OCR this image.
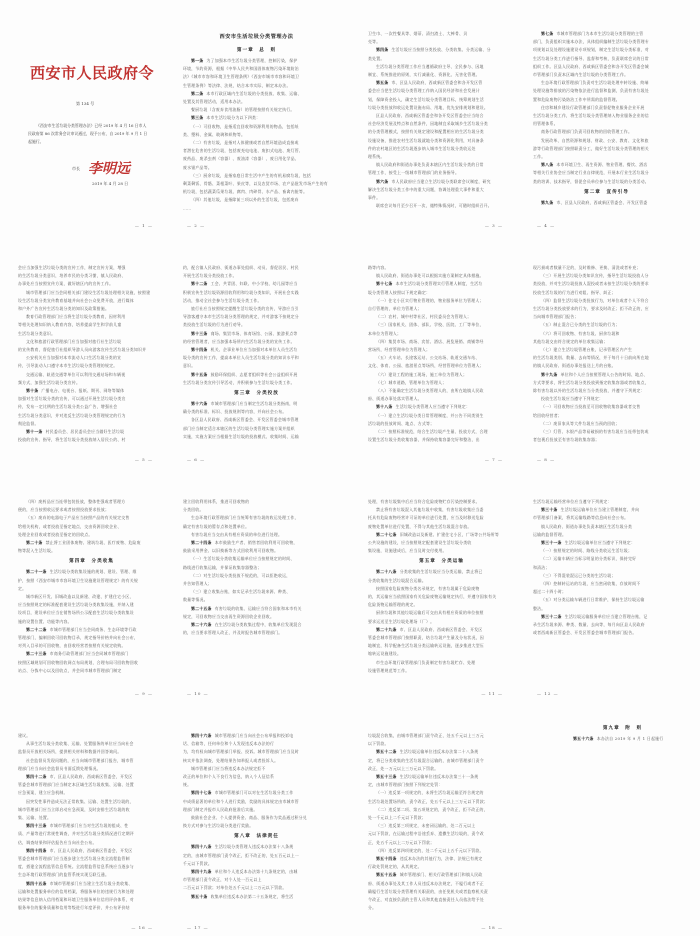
西安市人民政府令
第 134 号
《西安市生活垃圾分类管理办法》已经 2019 年 4 月 16 日市人民政府第 86 次常务会议审议通过，现予公布，自 2019 年 9 月 1 日起施行。
市长 李明远
2019 年 4 月 28 日
— 1 —
西安市生活垃圾分类管理办法
第一章　总　则
第一条 为了加强本市生活垃圾分类管理，控制污染，保护
环境，节约资源，根据《中华人民共和国固体废物污染环境防治
法》《城市市容和环境卫生管理条例》《西安市城市市容和环境卫
生管理条例》等法律、法规，结合本市实际，制定本办法。
第二条 本市行政区域内生活垃圾的分类投放、收集、运输、
处置及其管理活动，适用本办法。
餐厨垃圾（含废弃食用油脂）的管理按照有关规定执行。
第三条 本市生活垃圾分为以下四类：
（一）可回收物，是指适宜回收和资源利用的物品，包括纸
类、塑料、金属、玻璃和织物等。
（二）有害垃圾，是指对人体健康或者自然环境造成直接或
者潜在危害的生活垃圾，包括废充电电池、废扣式电池、废灯管、
废药品、废杀虫剂（容器）、废油漆（容器）、废日用化学品、
废水银产品等。
（三）厨余垃圾，是指家庭日常生活中产生的有机易腐垃圾，包括
剩菜剩饭、骨骼、菜根菜叶、果皮等，以及农贸市场、农产品批发市场产生的有
机垃圾，包括蔬菜瓜果垃圾、腐肉、肉碎骨、水产品、畜禽内脏等。
（四）其他垃圾，是指除前三项以外的生活垃圾，包括废弃
……
— 2 —
卫生巾、一次性餐具等、烟蒂、清扫渣土、大棒骨、贝
壳等。
第四条 生活垃圾应当按照分类投放、分类收集、分类运输、分
类处置。
生活垃圾分类管理工作应当遵循政府主导、全民参与、因地
制宜、系统推进的原则，实行减量化、资源化、无害化管理。
第五条 市、区县人民政府，西咸新区管委会和各开发区管
委会应当把生活垃圾分类管理工作纳入国民经济和社会发展计
划，保障资金投入，确定生活垃圾分类管理目标，统筹规划生活
垃圾分类投放和收运处置设施布局、用地，优先安排规划和建设。
区县人民政府、西咸新区管委会和各开发区管委会应当结合
社会经济发展及特点和自然条件，因地制宜采取城乡生活垃圾分类
的分类管理模式，按照有关规定建设和配置相应的生活垃圾分类
设施设备，推进农村生活垃圾就地分类和资源化利用，对具备条
件的农村地区的生活垃圾逐步纳入城市生活垃圾分类收运处
理系统。
镇人民政府和街道办事处负责本辖区内生活垃圾分类的日常
管理工作，接受上一级城市管理部门的业务指导。
第六条 市人民政府应当建立生活垃圾分类联席会议制度，研究
解决生活垃圾分类工作中的重大问题，协调处理重大事件和重大
事件。
联席会议每月至少召开一次，遇特殊情况时，可随时组织召开。
— 3 —
第七条 市城市管理部门为本市生活垃圾分类管理的主管
部门，负责组织实施本办法，具体组织编制生活垃圾分类管理专
项规划以及处理设施建设专项规划，制定生活垃圾分类标准，对
生活垃圾分类工作进行指导、监督和考核，负责联席会议的日常
组织工作。区县人民政府、西咸新区管委会和各开发区管委会城
市管理部门负责本区域内生活垃圾的分类管理工作。
生态环境行政管理部门负责对生活垃圾处理中转设施、终端
处理设施等排放的污染物依法进行监督和监测，负责有害垃圾处
置和危险废物污染防治工作中所需的监督管理。
住房和城乡建设行政管理部门负责督促物业服务企业开展
生活垃圾分类工作，将生活垃圾分类管理纳入物业服务企业的信
用管理体系。
商务行政管理部门负责可回收物的回收管理工作。
发展改革、自然资源和规划、财政、公安、教育、文化和旅
游等行政管理部门按照职责分工，做好生活垃圾分类管理的相关
工作。
第八条 本市环境卫生、再生资源、物业管理、餐饮、酒店
等相关行业协会应当制定行业自律规范，开展本行业生活垃圾分
类的培训、技术指导，督促会员单位参与生活垃圾的分类活动。
第二章　宣传引导
第九条 市、区县人民政府，西咸新区管委会、开发区管委
— 4 —
会应当加强生活垃圾分类的宣传工作，制定宣传方案，增强
的生活垃圾分类意识，培养市民的分类习惯，镇人民政府、
办事处应当按照宣传方案，做好辖区内的宣传工作。
城市管理部门应当会同相关部门建设生活垃圾处理相关设施，按照建
设生活垃圾分类宣传教育基地并向社会公众免费开放，进行媒体
和户外广告宣传生活垃圾分类的知识及政策措施。
教育行政管理部门应当将生活垃圾分类教育，因材利用
等相关处理知识纳入教育内容，培养提高学生和学前儿童
生活垃圾分类意识。
文化和旅游行政管理部门应当加强对旅行社生活垃圾
的宣传教育，督促旅行社组织导游人员向游客宣传生活垃圾分类知识并
公安机关应当加强对本市流动人口生活垃圾分类的宣
传，引导流动人口遵守本市生活垃圾分类管理的规定。
交通运输、轨道交通等单位可以利用交通站场和车辆视
频方式，加强生活垃圾分类宣传。
第十条 广播电台、电视台、报纸、期刊、网络等媒体
加强对生活垃圾分类的宣传，可以通过开展生活垃圾分类宣
传，发布一定比例的生活垃圾分类公益广告，增强社会
生活垃圾分类意识，并对违反生活垃圾分类管理规定的行为
舆论监督。
第十一条 村民委员会、居民委员会应当做好生活垃圾
投放的宣传、指导，将生活垃圾分类投放纳入居民公约、村
— 5 —
约，配合镇人民政府、街道办事处组织、动员、督促居民、村民
开展生活垃圾分类投放工作。
第十二条 工会、共青团、妇联、中小学校、幼儿园等应当
积极宣传生活垃圾资源回收利用和垃圾分类知识，开展社会实践
活动，推动全社会参与生活垃圾分类工作。
旅行社应当按照规定提醒生活垃圾分类的宣传，导游应当引
导游客遵守本市生活垃圾分类管理的规定，并对游客不按规定分
类投放生活垃圾的行为进行劝导。
第十三条 商场、集贸市场、体育场馆、公园、旅游景点等
的经营管理者，应当加强本场所内生活垃圾分类的宣传工作。
第十四条 机关、企事业单位应当加强对本单位人员生活垃
圾分类的宣传工作，提高本单位人员生活垃圾分类的知识水平和
意识。
第十五条 鼓励环保组织、志愿者组织等社会公益组织开展
生活垃圾分类宣传引导活动，并积极参与生活垃圾分类工作。
第三章　分类投放
第十六条 市城市管理部门应当制定生活垃圾分类指南，明
确分类的标准、标识、投放规则等内容，并向社会公布。
各区县人民政府、西咸新区管委会、开发区管委会城市管理
部门应当制定适合本辖区的生活垃圾分类管理实施方案并组织
实施，实施方案应当根据生活垃圾的投放模式、收集时间、运输
— 6 —
路等内容。
镇人民政府、街道办事处可以根据实施方案制定具体措施。
第十七条 本市生活垃圾分类管理实行管理人制度，生活垃
圾分类管理人按照以下规定确定：
（一）住宅小区实行物业管理的，物业服务单位为管理人；
自行管理的，单位为管理人；
（二）农村、城中村等社区，村民委员会为管理人；
（三）国家机关、团体、部队、学校、医院、工厂等单位，
本单位为管理人；
（四）集贸市场、商场、宾馆、酒店、展览展销、商铺等经
营场所，经营管理单位为管理人；
（五）火车站、长途客运站、公交站场、轨道交通车站、
文化、体育、公园、旅游景点等场所，经营管理单位为管理人；
（六）建设工程的施工现场，施工单位为管理人；
（七）城市道路，管理单位为管理人；
（八）不能确定生活垃圾分类管理人的，由所在地镇人民政
府、街道办事处落实管理人。
第十八条 生活垃圾分类管理人应当遵守下列规定：
（一）建立生活垃圾分类日常管理制度，并公告不同类别生
活垃圾的投放时间、地点、方式等；
（二）按照标准规范，结合生活垃圾产生量、投放方式，合理
设置生活垃圾分类收集容器，并保持收集容器完好和整洁，出
— 7 —
现污损或者数量不足的，及时维修、更换、清洗或者补充；
（三）开展生活垃圾分类知识宣传，指导生活垃圾投放人分
类投放，并对生活垃圾投放人混投或者未按生活垃圾分类的要求
投放生活垃圾的行为进行劝阻、指导、纠正；
（四）监督生活垃圾分类投放行为，对单位或者个人不符合
生活垃圾分类投放要求的行为，要求及时改正；拒不改正的，应
当向城市管理部门报告；
（五）制止混合已分类的生活垃圾的行为；
（六）将可回收物、有害垃圾、厨余垃圾和
其他垃圾交由符合规定的单位收集运输；
（七）建立生活垃圾管理台账，记录管理区内产生
的生活垃圾类别、数量、去向等情况，并于每月十日前向所在地
的镇人民政府、街道办事处报送上月的台账。
第十九条 单位和个人应当按照管理人公告的时间、地点、
方式等要求，将生活垃圾分类投放到指定收集容器或者收集点，
除有害垃圾以外的生活垃圾应当分类投放，并遵守下列规定：
投放生活垃圾应当遵守下列规定：
（一）可回收物应当投放至可回收物收集容器或者交售
给回收经营者；
（二）废旧家具等大件垃圾应当预约回收；
（三）灯管、水银产品等易破损的有害垃圾应当连带包装或
者包裹后投放至有害垃圾收集容器；
— 8 —
（四）废药品应当连带包装投放，整体性强或者管理方
便的，应当按照收运要求或者按照投放要求投放；
（五）废弃的电器电子产品应当按照产品的有关规定交售
给相关机构，或者投放至指定地点，交由资源回收企业、
处理企业回收或者投放至指定的回收点。
第二十条 禁止将工业固体废物、建筑垃圾、医疗废物、危险废
物等混入生活垃圾。
第四章　分类收集
第二十一条 生活垃圾分类收集设施的规划、建设、管理、维
护，按照《西安市城市市容环境卫生设施建设管理规定》的有关规
定。
城市新区开发、旧城改造以及新建、改建、扩建住宅小区，
应当按照规定的标准配套建设生活垃圾分类收集设施，并纳入建
设项目，建设单位应当在销售场所公示配套生活垃圾分类收集设
施的设置位置、功能等内容。
第二十二条 市城市管理部门应当会同商务、生态环境等行政
管理部门，编制回收可回收物目录，规定指导价格并向社会公布，
对列入目录的可回收物，由回收经营者按照有关规定收购。
第二十三条 市商务行政管理部门应当会同城市管理部门
按照区域规划可回收物回收网点布局规划，合理布局可回收物回收
站点、分拣中心以及回收点，并会同市城市管理部门制定
— 9 —
建立回收利用体系，推进可回收物的
分类回收。
生态环境行政管理部门应当统筹有害垃圾的收运处理工作，
确定有害垃圾的暂存点和处置单位。
有害垃圾应当交由具有相应资质的单位进行处理。
第二十四条 本市鼓励生产者、销售者回收利用可回收物，
鼓励采用押金、以旧换新等方式回收利用可回收物。
（一）生活垃圾分类收集运输单位应当按照规定的时间、
路线进行收集运输，并保证收集容器整洁；
（二）对生活垃圾分类投放不规范的，可以拒绝收运，
并告知管理人；
（三）建立收集台账，如实记录生活垃圾来源、种类、
数量等情况。
第二十五条 有害垃圾的收集、运输应当符合国家和本市有关
规定，可回收物应当交由再生资源回收企业回收。
第二十六条 在生活垃圾分类收集过程中，收集单位发现混合
的，应当要求管理人改正，并及时报告城市管理部门。
— 10 —
处理，有害垃圾集中后应当符合危险废物贮存污染控制要求。
禁止将有害垃圾混入其他垃圾中收集，有害垃圾收集应当委
托具有危险废物经营许可证的单位进行处置，应当及时移送危险
废物处置单位进行处置，不得与其他生活垃圾混合存放。
第二十七条 旧城改造以及新建、扩建住宅小区，广场等公共场所等
公共设施的建设，应当按照规定配套建设生活垃圾分类收
集设施，设施建成后，应当及时交付使用。
第五章　分类运输
第二十八条 分类收集的生活垃圾应当分类运输，禁止将已
分类收集的生活垃圾混合运输。
按照国家危险废物分类名录规定，有害垃圾属于危险废物
的，其运输应当依照国家有关危险废物运输规定执行，并遵守国家有关
危险货物运输管理的规定。
厨余垃圾和其他垃圾运输后可交由具有相应资质的单位按照
要求运送至生活垃圾处理场（厂）。
第二十九条 市、区县人民政府、西咸新区管委会、开发区
管委会城市管理部门按照职责，结合垃圾产生量及分布状况，因
地制宜，科学配备生活垃圾分类运输转运设施，逐步推进大型压
缩转运设施建设。
市生态环境行政管理部门负责制定有害垃圾贮存、处理
设施管理规范等工作。
— 11 —
生活垃圾运输经营单位应当遵守下列规定：
第三十条 生活垃圾运输单位应当建立管理制度，并向
市管理部门备案，将其运输线路等信息向社会公布。
镇人民政府、街道办事处负责本辖区生活垃圾分类
运输的监督管理。
第三十一条 生活垃圾运输单位应当遵守下列规定：
（一）按照规定的时间、路线分类收运生活垃圾；
（二）运输车辆应当标示明显的分类标识，保持完好
和清洁；
（三）不得混装混运已分类的生活垃圾；
（四）控制转运站的垃圾，应当密闭收集，存放时间不
超过二十四小时；
（五）对分类运输车辆进行日常维护，保持生活垃圾运输
整洁。
第三十二条 生活垃圾运输服务单位应当建立管理台账，记
录生活垃圾来源、种类、数量、去向等，每月向区县人民政府
或者西咸新区管委会、开发区管委会城市管理部门报告。
— 12 —
建议。
从事生活垃圾分类收集、运输、处置服务的单位应当向社会
监督员开放相关场所，提供相关材料和数据并回答询问。
社会监督员发现问题的，应当向城市管理部门报告，城市管
理部门应当向社会监督员书面反馈处理情况。
第四十二条 市、区县人民政府，西咸新区管委会，开发区
管委会城市管理部门应当制定本区域生活垃圾收集、运输、处置
应急预案，建立应急机制。
因突发性事件造成无法正常收集、运输、处置生活垃圾的，
城市管理部门应当立即启动应急预案，及时安排生活垃圾的收
集、运输、处置。
第四十三条 市城市管理部门应当对生活垃圾的组成、性
质、产量等进行常规性调查，并对生活垃圾分类情况进行定期评
估，调查结果和评估报告应当向社会公布。
第四十四条 市、区县人民政府，西咸新区管委会，开发区
管委会城市管理部门应当逐步建立生活垃圾分类全流程监管制
度，搭建全流程监管信息系统。全流程监管信息系统应当逐步与
生态环境行政管理部门的监管系统实现互联互通。
第四十五条 市城市管理部门应当建立生活垃圾分类收集、
运输和处置服务单位的信用档案，将服务单位的违规行为和处理
结果等信息纳入信用档案和环境卫生服务单位信用评价体系，对
服务单位的服务质量和信用等级进行年度评价，并公布评价结
— 16 —
第四十六条 城市管理部门应当向社会公布举报和投诉电
话、信箱等，任何单位和个人发现违反本办法的行
为，均有权向城市管理部门举报、投诉。城市管理部门应当及时
核实并依法调查，处理结果告知举报人或者投诉人。
城市管理部门应当将违反本办法规定拒不
改正的单位和个人不良行为信息，纳入个人征信系
统。
第四十七条 市城市管理部门可以对在生活垃圾分类工作
中成绩显著的单位和个人进行奖励，奖励的具体规定由市城市管
理部门制定并报市人民政府批准后实施。
鼓励社会企业、个人提供资金、商品、服务作为奖品通过积分兑
换方式对参与生活垃圾分类进行奖励。
第八章　法律责任
第四十八条 生活垃圾分类管理人违反本办法第十八条规
定的，由城市管理部门责令改正，拒不改正的，处五百元以上一
千元以下罚款。
第四十九条 单位和个人违反本办法第十九条规定的，由城
市管理部门责令改正，对个人处一百元以上
二百元以下罚款；对单位处五千元以上二万元以下罚款。
第五十条 收集单位违反本办法第二十五条规定，将生活
— 17 —
垃圾混合收集，由城市管理部门责令改正，处五千元以上三万元
以下罚款。
第五十二条 生活垃圾运输单位违反本办法第二十八条规
定，将已分类收集的生活垃圾混合运输的，由城市管理部门责令
改正，处一万元以上三万元以下罚款。
第五十三条 生活垃圾运输单位违反本办法第三十一条规
定，由城市管理部门按照下列规定处罚：
（一）违反第一项规定的，未将生活垃圾运输至符合规定的
生活垃圾处置场所的，责令改正，处五千元以上三万元以下罚款；
（二）违反第二项、第五项规定的，责令改正，拒不改正的，
处一千元以上二千元以下罚款；
（三）违反第三项规定，未密闭运输的，处二百元以上
元以下罚款，在运输过程中沿途丢弃、遗撒生活垃圾的，责令改
正，处五千元以上二万元以下罚款；
（四）违反第四项规定的，处二千元以上五千元以下罚款。
第五十四条 违反本办法的其他行为，法律、法规已有规定
行政处罚规定的，从其规定。
第五十五条 城市管理部门、相关行政管理部门和镇人民政
府、街道办事处及其工作人员违反本办法规定，不履行或者不正
确履行生活垃圾分类管理有关职责的，由任免机关或者监察机关责
令改正，对直接负责的主管人员和其他直接责任人员依法给予处
分。
— 18 —
第九章　附　则
第五十六条 本办法自 2019 年 9 月 1 日起施行
